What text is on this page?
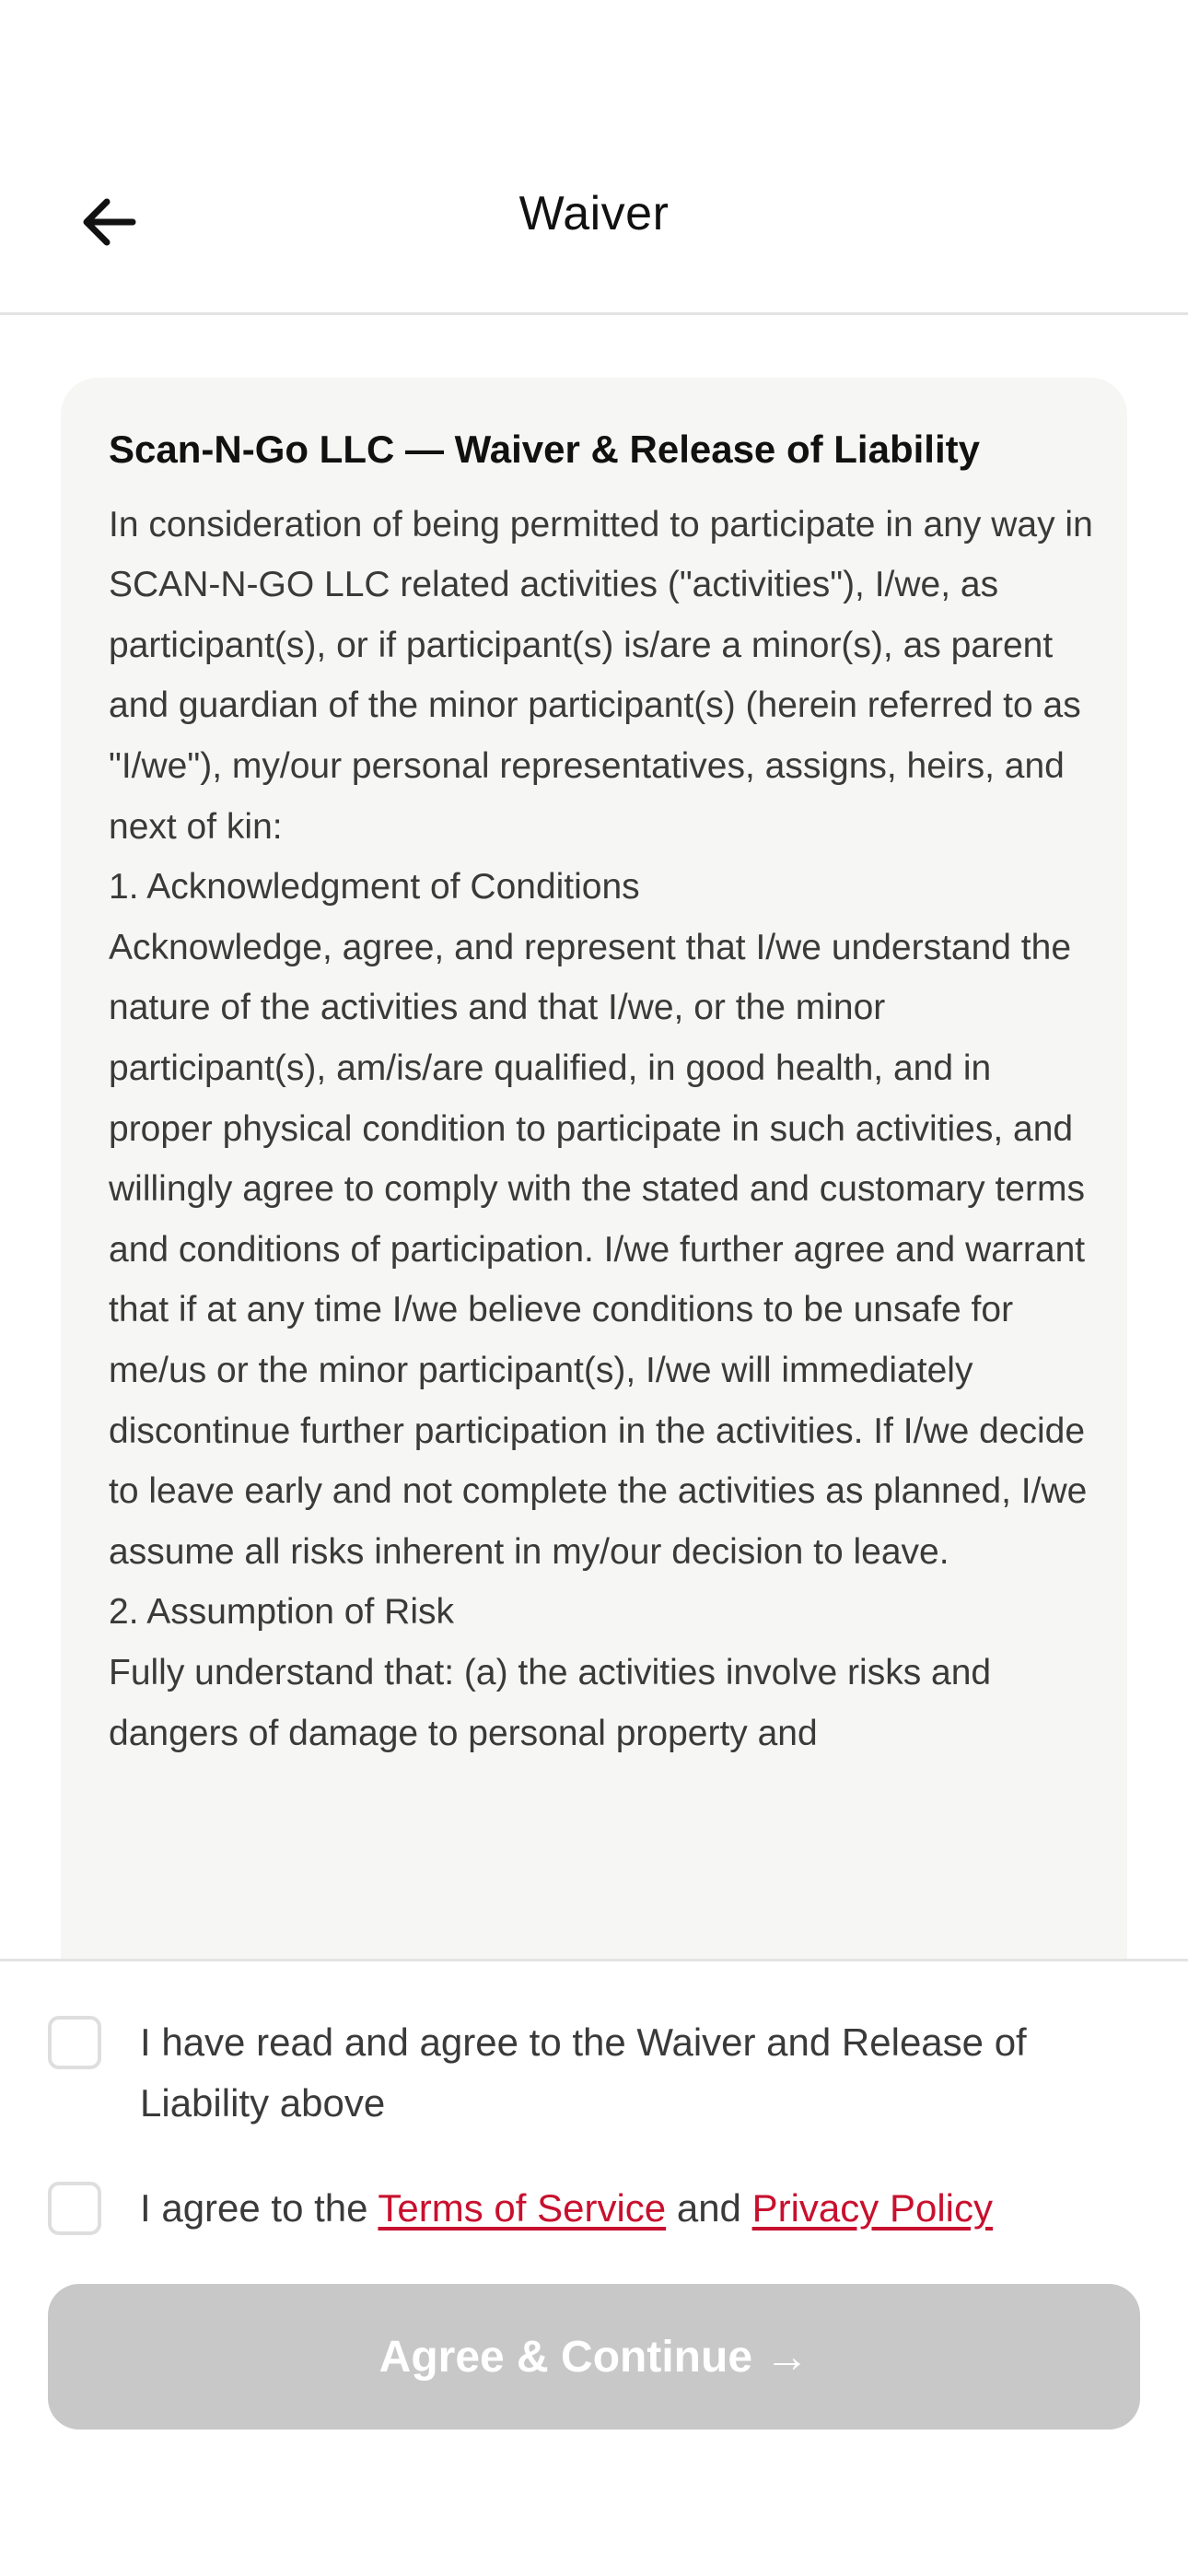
Waiver
Scan-N-Go LLC — Waiver & Release of Liability
In consideration of being permitted to participate in any way in SCAN-N-GO LLC related activities ("activities"), I/we, as participant(s), or if participant(s) is/are a minor(s), as parent and guardian of the minor participant(s) (herein referred to as "I/we"), my/our personal representatives, assigns, heirs, and next of kin:
1. Acknowledgment of Conditions
Acknowledge, agree, and represent that I/we understand the nature of the activities and that I/we, or the minor participant(s), am/is/are qualified, in good health, and in proper physical condition to participate in such activities, and willingly agree to comply with the stated and customary terms and conditions of participation. I/we further agree and warrant that if at any time I/we believe conditions to be unsafe for me/us or the minor participant(s), I/we will immediately discontinue further participation in the activities. If I/we decide to leave early and not complete the activities as planned, I/we assume all risks inherent in my/our decision to leave.
2. Assumption of Risk
Fully understand that: (a) the activities involve risks and dangers of damage to personal property and
I have read and agree to the Waiver and Release of Liability above
I agree to the Terms of Service and Privacy Policy
Agree & Continue →
